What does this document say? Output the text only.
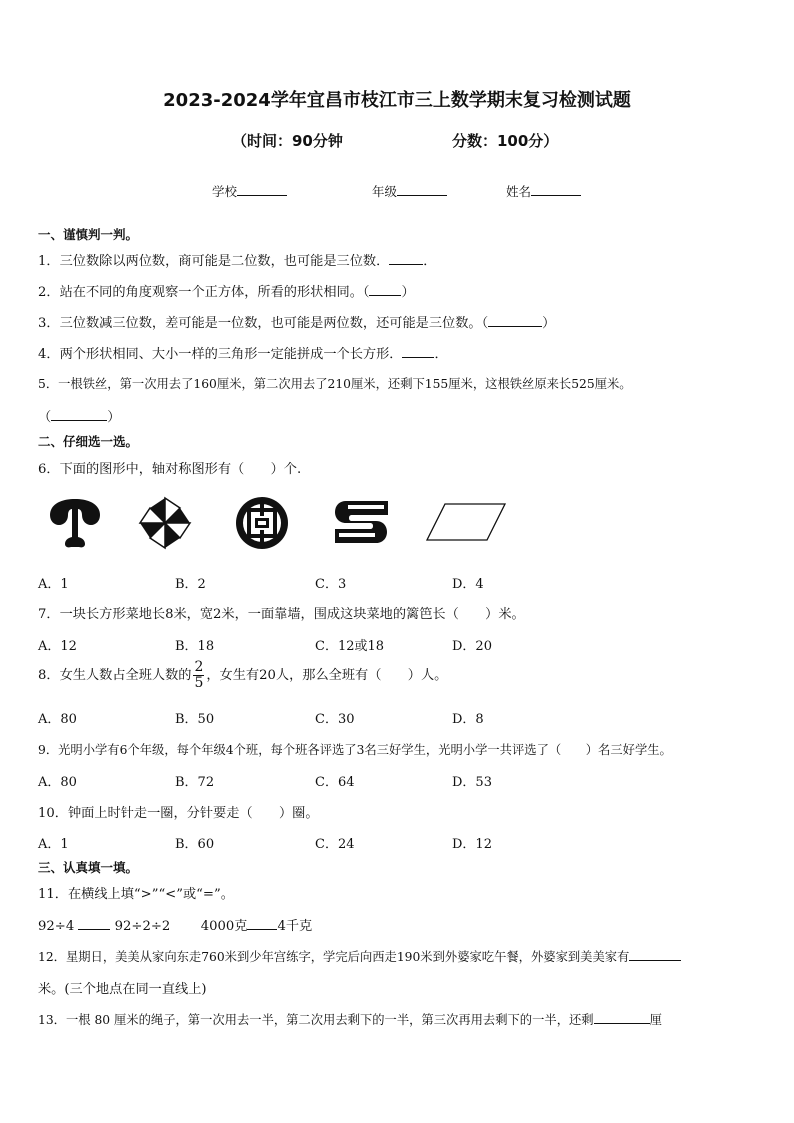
2023-2024学年宜昌市枝江市三上数学期末复习检测试题
（时间：90分钟	分数：100分）
学校	年级	姓名
一、谨慎判一判。
1．三位数除以两位数，商可能是二位数，也可能是三位数．	．
2．站在不同的角度观察一个正方体，所看的形状相同。（ ）
3．三位数减三位数，差可能是一位数，也可能是两位数，还可能是三位数。（	）
4．两个形状相同、大小一样的三角形一定能拼成一个长方形． ．
5．一根铁丝，第一次用去了160厘米，第二次用去了210厘米，还剩下155厘米，这根铁丝原来长525厘米。
（	）
二、仔细选一选。
6．下面的图形中，轴对称图形有（　　）个.
A．1	B．2	C．3	D．4
7．一块长方形菜地长8米，宽2米，一面靠墙，围成这块菜地的篱笆长（　　）米。
A．12	B．18	C．12或18	D．20
8．女生人数占全班人数的 $\frac{2}{5}$ ，女生有20人，那么全班有（　　）人。
A．80	B．50	C．30	D．8
9．光明小学有6个年级，每个年级4个班，每个班各评选了3名三好学生，光明小学一共评选了（　　）名三好学生。
A．80	B．72	C．64	D．53
10．钟面上时针走一圈，分针要走（　　）圈。
A．1	B．60	C．24	D．12
三、认真填一填。
11．在横线上填“>”“<”或“=”。
92÷4	92÷2÷2 4000克 4千克
12．星期日，美美从家向东走760米到少年宫练字，学完后向西走190米到外婆家吃午餐，外婆家到美美家有
米。(三个地点在同一直线上)
13．一根 80 厘米的绳子，第一次用去一半，第二次用去剩下的一半，第三次再用去剩下的一半，还剩	厘
